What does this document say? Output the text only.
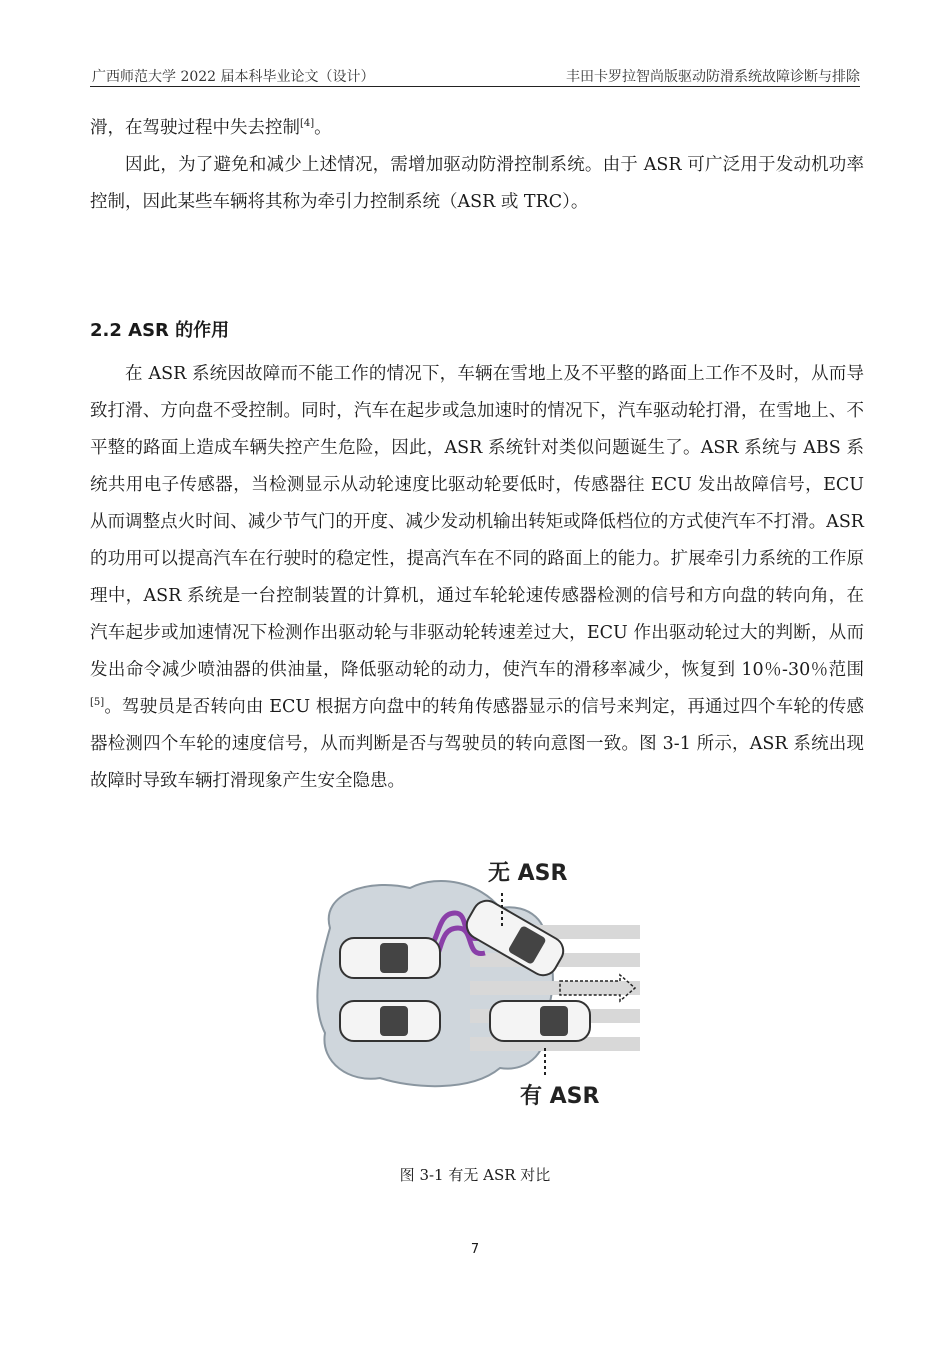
广西师范大学 2022 届本科毕业论文（设计）	丰田卡罗拉智尚版驱动防滑系统故障诊断与排除

滑，在驾驶过程中失去控制[4]。

因此，为了避免和减少上述情况，需增加驱动防滑控制系统。由于 ASR 可广泛用于发动机功率控制，因此某些车辆将其称为牵引力控制系统（ASR 或 TRC）。

2.2 ASR 的作用
在 ASR 系统因故障而不能工作的情况下，车辆在雪地上及不平整的路面上工作不及时，从而导致打滑、方向盘不受控制。同时，汽车在起步或急加速时的情况下，汽车驱动轮打滑，在雪地上、不平整的路面上造成车辆失控产生危险，因此，ASR 系统针对类似问题诞生了。ASR 系统与 ABS 系统共用电子传感器，当检测显示从动轮速度比驱动轮要低时，传感器往 ECU 发出故障信号，ECU 从而调整点火时间、减少节气门的开度、减少发动机输出转矩或降低档位的方式使汽车不打滑。ASR 的功用可以提高汽车在行驶时的稳定性，提高汽车在不同的路面上的能力。扩展牵引力系统的工作原理中，ASR 系统是一台控制装置的计算机，通过车轮轮速传感器检测的信号和方向盘的转向角，在汽车起步或加速情况下检测作出驱动轮与非驱动轮转速差过大，ECU 作出驱动轮过大的判断，从而发出命令减少喷油器的供油量，降低驱动轮的动力，使汽车的滑移率减少，恢复到 10％-30％范围[5]。驾驶员是否转向由 ECU 根据方向盘中的转角传感器显示的信号来判定，再通过四个车轮的传感器检测四个车轮的速度信号，从而判断是否与驾驶员的转向意图一致。图 3-1 所示，ASR 系统出现故障时导致车辆打滑现象产生安全隐患。
无 ASR
有 ASR
图 3-1 有无 ASR 对比
7
